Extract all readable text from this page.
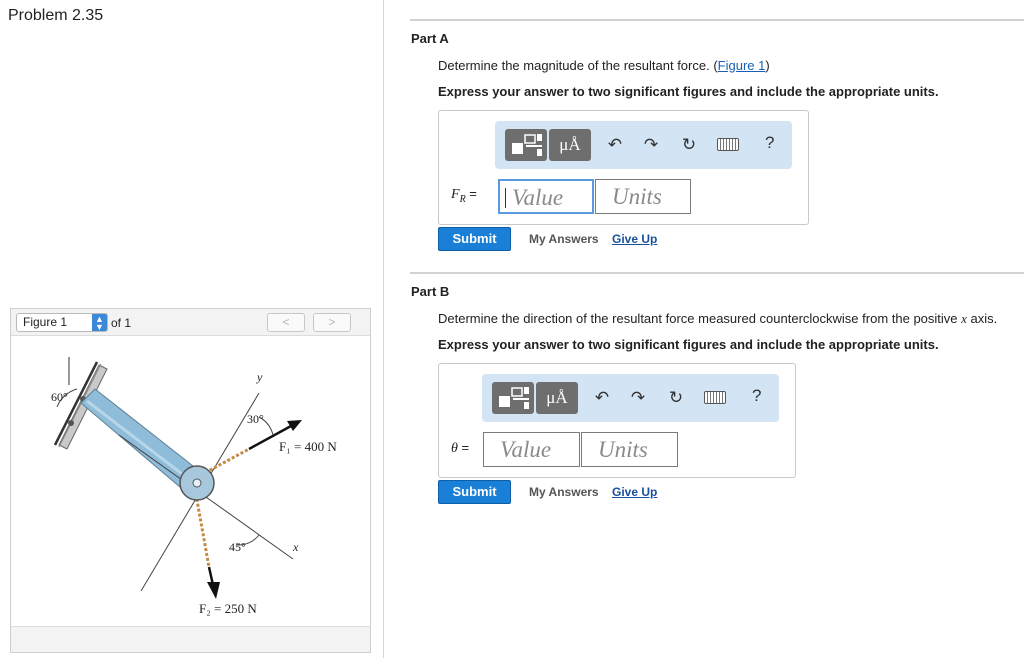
Problem 2.35
Figure 1	▲
▼ of 1	<	>
60°
y
30°
F₁ = 400 N
x
45°
F₂ = 250 N
Part A
Determine the magnitude of the resultant force. (Figure 1)
Express your answer to two significant figures and include the appropriate units.
μÅ	↶ ↷ ↻	?
$F_R$ =	Value	Units
Submit	My Answers Give Up
Part B
Determine the direction of the resultant force measured counterclockwise from the positive x axis.
Express your answer to two significant figures and include the appropriate units.
μÅ	↶ ↷ ↻	?
θ =	Value	Units
Submit	My Answers Give Up
